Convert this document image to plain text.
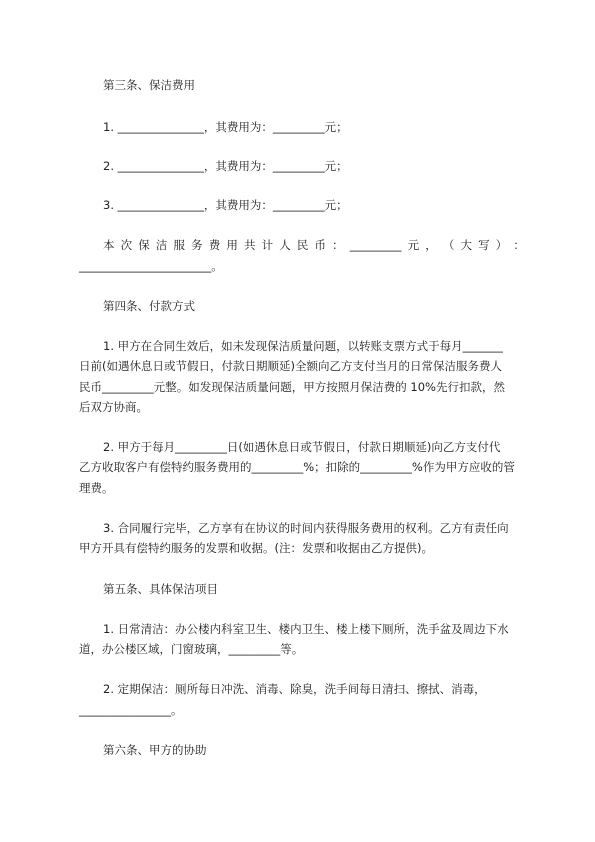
第三条、保洁费用
1. _______________，其费用为：_________元；
2. _______________，其费用为：_________元；
3. _______________，其费用为：_________元；
本 次 保 洁 服 务 费 用 共 计 人 民 币 ： _________ 元 ， （ 大 写 ） ：
_______________________。
第四条、付款方式
1. 甲方在合同生效后，如未发现保洁质量问题，以转账支票方式于每月_______
日前(如遇休息日或节假日，付款日期顺延)全额向乙方支付当月的日常保洁服务费人
民币_________元整。如发现保洁质量问题，甲方按照月保洁费的 10%先行扣款，然
后双方协商。
2. 甲方于每月_________日(如遇休息日或节假日，付款日期顺延)向乙方支付代
乙方收取客户有偿特约服务费用的_________%；扣除的_________%作为甲方应收的管
理费。
3. 合同履行完毕，乙方享有在协议的时间内获得服务费用的权利。乙方有责任向
甲方开具有偿特约服务的发票和收据。(注：发票和收据由乙方提供)。
第五条、具体保洁项目
1. 日常清洁：办公楼内科室卫生、楼内卫生、楼上楼下厕所，洗手盆及周边下水
道，办公楼区域，门窗玻璃，_________等。
2. 定期保洁：厕所每日冲洗、消毒、除臭，洗手间每日清扫、擦拭、消毒，
________________。
第六条、甲方的协助
